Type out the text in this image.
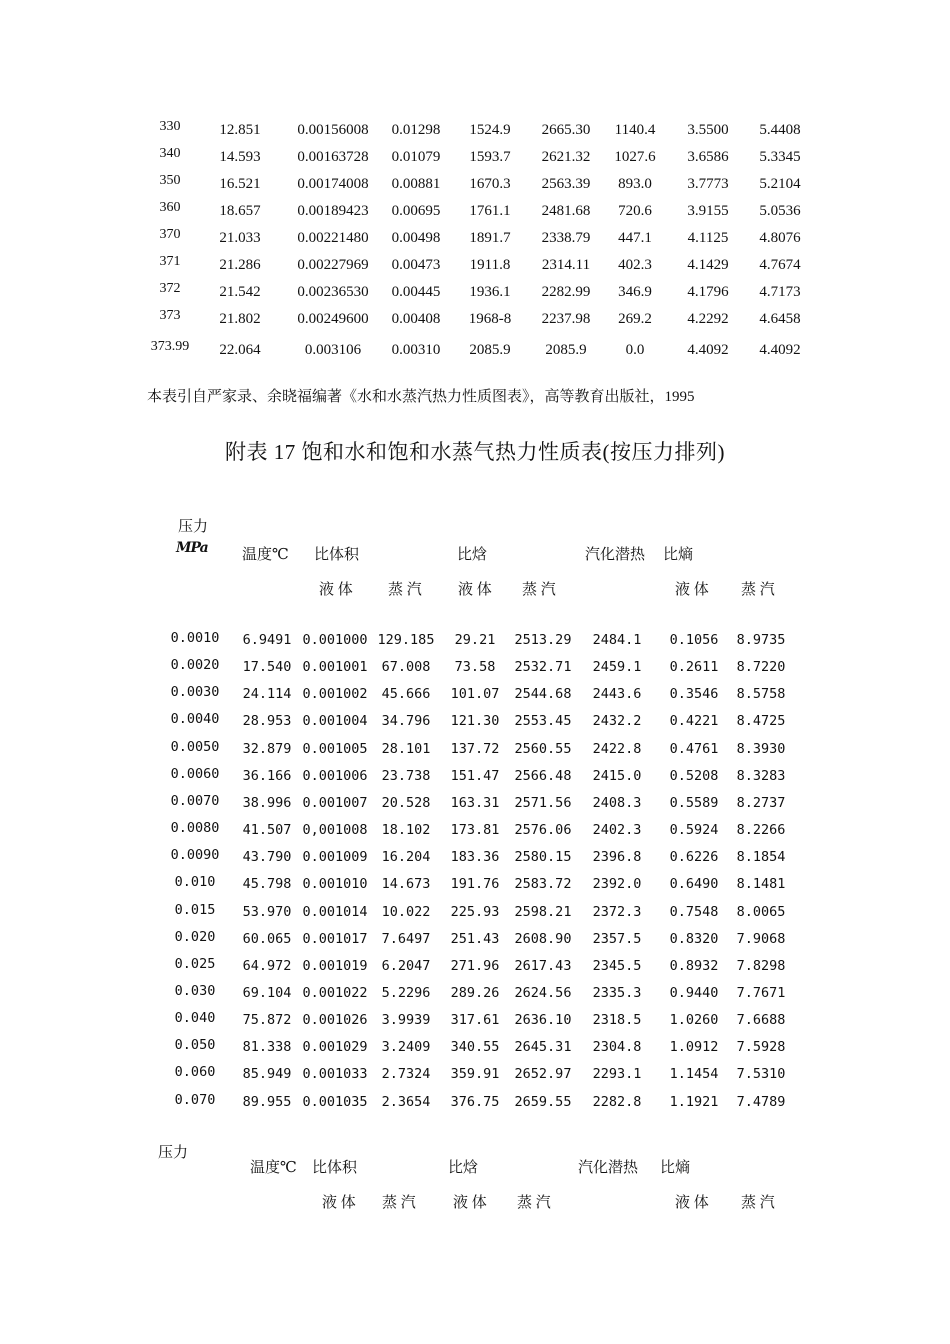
330	12.851 0.00156008 0.01298 1524.9 2665.30 1140.4 3.5500 5.4408
340	14.593 0.00163728 0.01079 1593.7 2621.32 1027.6 3.6586 5.3345
350	16.521 0.00174008 0.00881 1670.3 2563.39 893.0 3.7773 5.2104
360	18.657 0.00189423 0.00695 1761.1 2481.68 720.6 3.9155 5.0536
370	21.033 0.00221480 0.00498 1891.7 2338.79 447.1 4.1125 4.8076
371	21.286 0.00227969 0.00473 1911.8 2314.11 402.3 4.1429 4.7674
372	21.542 0.00236530 0.00445 1936.1 2282.99 346.9 4.1796 4.7173
373	21.802 0.00249600 0.00408 1968-8 2237.98 269.2 4.2292 4.6458
373.99 22.064	0.003106 0.00310 2085.9 2085.9	0.0	4.4092 4.4092
本表引自严家录、余晓福编著《水和水蒸汽热力性质图表》，高等教育出版社，1995
附表 17 饱和水和饱和水蒸气热力性质表(按压力排列)
压力
MPa 温度℃ 比体积	比焓	汽化潜热 比熵
液 体 蒸 汽 液 体 蒸 汽	液 体 蒸 汽
0.0010 6.9491 0.001000 129.185 29.21 2513.29 2484.1 0.1056 8.9735
0.0020 17.540 0.001001 67.008 73.58 2532.71 2459.1 0.2611 8.7220
0.0030 24.114 0.001002 45.666 101.07 2544.68 2443.6 0.3546 8.5758
0.0040 28.953 0.001004 34.796 121.30 2553.45 2432.2 0.4221 8.4725
0.0050 32.879 0.001005 28.101 137.72 2560.55 2422.8 0.4761 8.3930
0.0060 36.166 0.001006 23.738 151.47 2566.48 2415.0 0.5208 8.3283
0.0070 38.996 0.001007 20.528 163.31 2571.56 2408.3 0.5589 8.2737
0.0080 41.507 0,001008 18.102 173.81 2576.06 2402.3 0.5924 8.2266
0.0090 43.790 0.001009 16.204 183.36 2580.15 2396.8 0.6226 8.1854
0.010 45.798 0.001010 14.673 191.76 2583.72 2392.0 0.6490 8.1481
0.015 53.970 0.001014 10.022 225.93 2598.21 2372.3 0.7548 8.0065
0.020 60.065 0.001017 7.6497 251.43 2608.90 2357.5 0.8320 7.9068
0.025 64.972 0.001019 6.2047 271.96 2617.43 2345.5 0.8932 7.8298
0.030 69.104 0.001022 5.2296 289.26 2624.56 2335.3 0.9440 7.7671
0.040 75.872 0.001026 3.9939 317.61 2636.10 2318.5 1.0260 7.6688
0.050 81.338 0.001029 3.2409 340.55 2645.31 2304.8 1.0912 7.5928
0.060 85.949 0.001033 2.7324 359.91 2652.97 2293.1 1.1454 7.5310
0.070 89.955 0.001035 2.3654 376.75 2659.55 2282.8 1.1921 7.4789
压力
温度℃ 比体积	比焓	汽化潜热 比熵
液 体 蒸 汽 液 体 蒸 汽	液 体 蒸 汽
